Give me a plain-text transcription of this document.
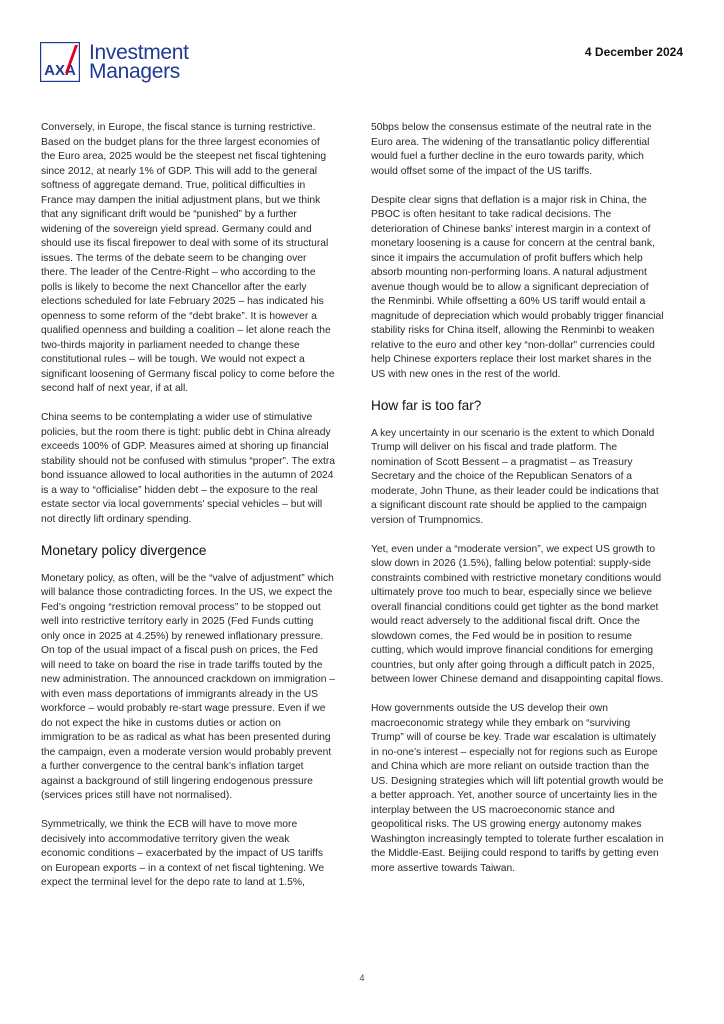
AXA
Investment
Managers
4 December 2024

Conversely, in Europe, the fiscal stance is turning restrictive. Based on the budget plans for the three largest economies of the Euro area, 2025 would be the steepest net fiscal tightening since 2012, at nearly 1% of GDP. This will add to the general softness of aggregate demand. True, political difficulties in France may dampen the initial adjustment plans, but we think that any significant drift would be “punished” by a further widening of the sovereign yield spread. Germany could and should use its fiscal firepower to deal with some of its structural issues. The terms of the debate seem to be changing over there. The leader of the Centre-Right – who according to the polls is likely to become the next Chancellor after the early elections scheduled for late February 2025 – has indicated his openness to some reform of the “debt brake”. It is however a qualified openness and building a coalition – let alone reach the two-thirds majority in parliament needed to change these constitutional rules – will be tough. We would not expect a significant loosening of Germany fiscal policy to come before the second half of next year, if at all.

China seems to be contemplating a wider use of stimulative policies, but the room there is tight: public debt in China already exceeds 100% of GDP. Measures aimed at shoring up financial stability should not be confused with stimulus “proper”. The extra bond issuance allowed to local authorities in the autumn of 2024 is a way to “officialise” hidden debt – the exposure to the real estate sector via local governments’ special vehicles – but will not directly lift ordinary spending.

Monetary policy divergence

Monetary policy, as often, will be the “valve of adjustment” which will balance those contradicting forces. In the US, we expect the Fed’s ongoing “restriction removal process” to be stopped out well into restrictive territory early in 2025 (Fed Funds cutting only once in 2025 at 4.25%) by renewed inflationary pressure. On top of the usual impact of a fiscal push on prices, the Fed will need to take on board the rise in trade tariffs touted by the new administration. The announced crackdown on immigration – with even mass deportations of immigrants already in the US workforce – would probably re-start wage pressure. Even if we do not expect the hike in customs duties or action on immigration to be as radical as what has been presented during the campaign, even a moderate version would probably prevent a further convergence to the central bank’s inflation target against a background of still lingering endogenous pressure (services prices still have not normalised).

Symmetrically, we think the ECB will have to move more decisively into accommodative territory given the weak economic conditions – exacerbated by the impact of US tariffs on European exports – in a context of net fiscal tightening. We expect the terminal level for the depo rate to land at 1.5%,

50bps below the consensus estimate of the neutral rate in the Euro area. The widening of the transatlantic policy differential would fuel a further decline in the euro towards parity, which would offset some of the impact of the US tariffs.

Despite clear signs that deflation is a major risk in China, the PBOC is often hesitant to take radical decisions. The deterioration of Chinese banks’ interest margin in a context of monetary loosening is a cause for concern at the central bank, since it impairs the accumulation of profit buffers which help absorb mounting non-performing loans. A natural adjustment avenue though would be to allow a significant depreciation of the Renminbi. While offsetting a 60% US tariff would entail a magnitude of depreciation which would probably trigger financial stability risks for China itself, allowing the Renminbi to weaken relative to the euro and other key “non-dollar” currencies could help Chinese exporters replace their lost market shares in the US with new ones in the rest of the world.

How far is too far?

A key uncertainty in our scenario is the extent to which Donald Trump will deliver on his fiscal and trade platform. The nomination of Scott Bessent – a pragmatist – as Treasury Secretary and the choice of the Republican Senators of a moderate, John Thune, as their leader could be indications that a significant discount rate should be applied to the campaign version of Trumpnomics.

Yet, even under a “moderate version”, we expect US growth to slow down in 2026 (1.5%), falling below potential: supply-side constraints combined with restrictive monetary conditions would ultimately prove too much to bear, especially since we believe overall financial conditions could get tighter as the bond market would react adversely to the additional fiscal drift. Once the slowdown comes, the Fed would be in position to resume cutting, which would improve financial conditions for emerging countries, but only after going through a difficult patch in 2025, between lower Chinese demand and disappointing capital flows.

How governments outside the US develop their own macroeconomic strategy while they embark on “surviving Trump” will of course be key. Trade war escalation is ultimately in no-one’s interest – especially not for regions such as Europe and China which are more reliant on outside traction than the US. Designing strategies which will lift potential growth would be a better approach. Yet, another source of uncertainty lies in the interplay between the US macroeconomic stance and geopolitical risks. The US growing energy autonomy makes Washington increasingly tempted to tolerate further escalation in the Middle-East. Beijing could respond to tariffs by getting even more assertive towards Taiwan.

4
